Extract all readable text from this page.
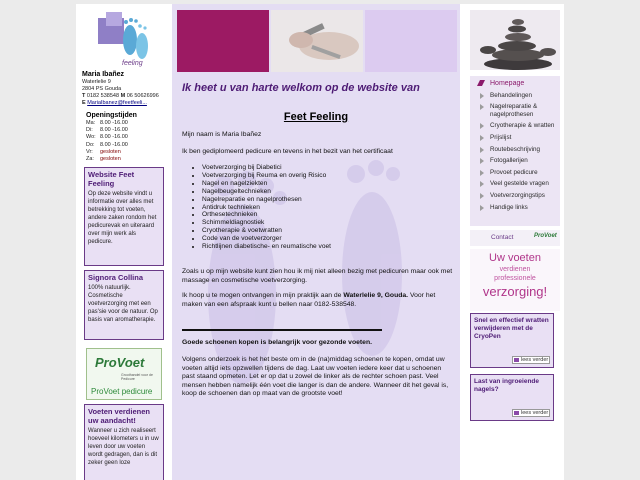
feeling
Maria Ibañez
Waterlelie 9
2804 PS Gouda
T 0182 538548 M 06 50626996
E MariaIbanez@feetfeeli...
Openingstijden
Ma: 8.00 -16.00
Di:	8.00 -16.00
Wo: 8.00 -16.00
Do: 8.00 -16.00
Vr:	gesloten
Za:	gesloten
Website Feet Feeling
Op deze website vindt u informatie over alles met betrekking tot voeten, andere zaken rondom het pedicurevak en uiteraard over mijn werk als pedicure.
Signora Collina
100% natuurlijk. Cosmetische voetverzorging met een pas'sie voor de natuur. Op basis van aromatherapie.
ProVoet
Groothandel voor de Pedicure
ProVoet pedicure
Voeten verdienen uw aandacht!
Wanneer u zich realiseert hoeveel kilometers u in uw leven door uw voeten wordt gedragen, dan is dit zeker geen loze
Ik heet u van harte welkom op de website van
Feet Feeling
Mijn naam is Maria Ibañez
Ik ben gediplomeerd pedicure en tevens in het bezit van het certificaat
• Voetverzorging bij Diabetici
• Voetverzorging bij Reuma en overig Risico
• Nagel en nagelziekten
• Nagelbeugeltechnieken
• Nagelreparatie en nagelprothesen
• Antidruk technieken
• Orthesetechnieken
• Schimmeldiagnostiek
• Cryotherapie & voetwratten
• Code van de voetverzorger
• Richtlijnen diabetische- en reumatische voet
Zoals u op mijn website kunt zien hou ik mij niet alleen bezig met pedicuren maar ook met massage en cosmetische voetverzorging.
Ik hoop u te mogen ontvangen in mijn praktijk aan de Waterlelie 9, Gouda. Voor het maken van een afspraak kunt u bellen naar 0182-538548.
Goede schoenen kopen is belangrijk voor gezonde voeten.
Volgens onderzoek is het het beste om in de (na)middag schoenen te kopen, omdat uw voeten altijd iets opzwellen tijdens de dag. Laat uw voeten iedere keer dat u schoenen past staand opmeten. Let er op dat u zowel de linker als de rechter schoen past. Veel mensen hebben namelijk één voet die langer is dan de andere. Wanneer dit het geval is, koop de schoenen dan op maat van de grootste voet!
Homepage
Behandelingen
Nagelreparatie & nagelprothesen
Cryotherapie & wratten
Prijslijst
Routebeschrijving
Fotogallerijen
Provoet pedicure
Veel gestelde vragen
Voetverzorgingstips
Handige links
Contact	ProVoet
Uw voeten
verdienen
professionele
verzorging!
Snel en effectief wratten verwijderen met de CryoPen
lees verder
Last van ingroeiende nagels?
lees verder
